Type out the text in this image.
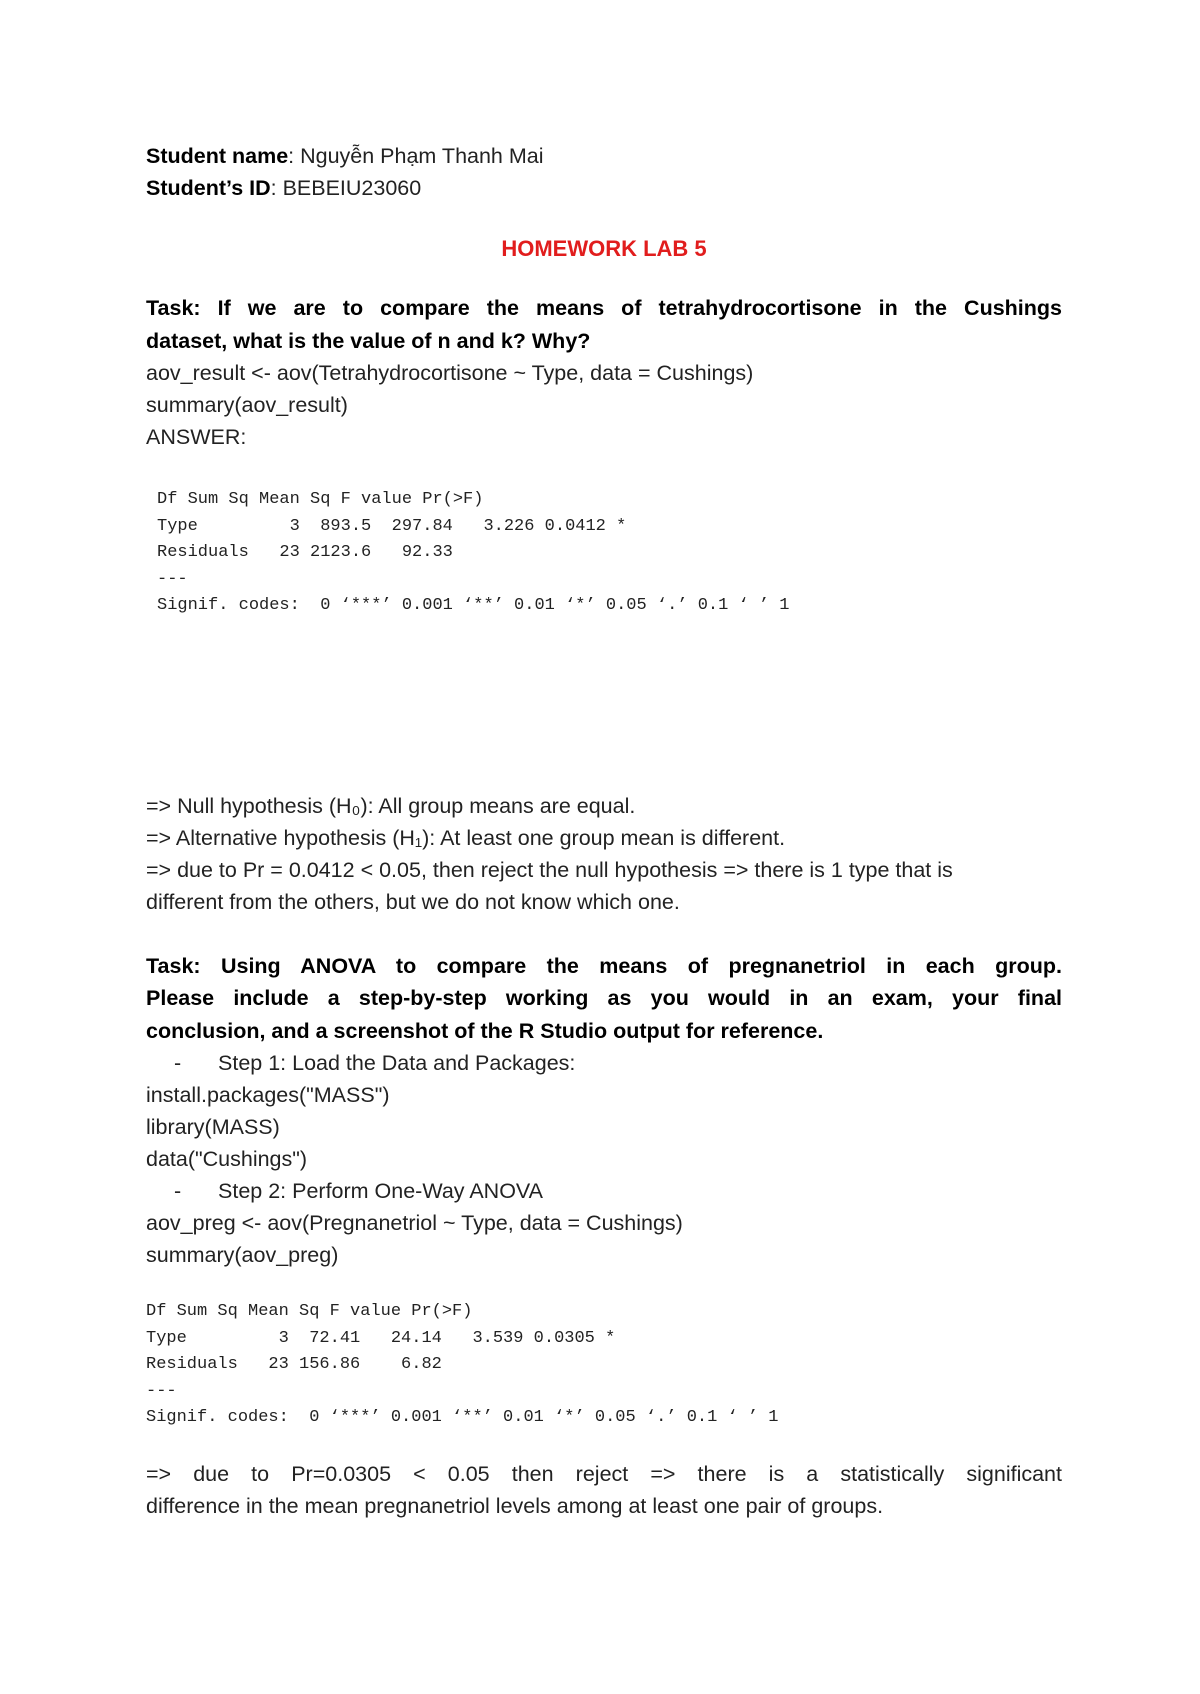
Student name: Nguyễn Phạm Thanh Mai
Student’s ID: BEBEIU23060
HOMEWORK LAB 5
Task: If we are to compare the means of tetrahydrocortisone in the Cushings
dataset, what is the value of n and k? Why?
aov_result <- aov(Tetrahydrocortisone ~ Type, data = Cushings)
summary(aov_result)
ANSWER:
Df Sum Sq Mean Sq F value Pr(>F)
Type         3  893.5  297.84   3.226 0.0412 *
Residuals   23 2123.6   92.33
---
Signif. codes:  0 ‘***’ 0.001 ‘**’ 0.01 ‘*’ 0.05 ‘.’ 0.1 ‘ ’ 1
=> Null hypothesis (H₀): All group means are equal.
=> Alternative hypothesis (H₁): At least one group mean is different.
=> due to Pr = 0.0412 < 0.05, then reject the null hypothesis => there is 1 type that is
different from the others, but we do not know which one.
Task: Using ANOVA to compare the means of pregnanetriol in each group.
Please include a step-by-step working as you would in an exam, your final
conclusion, and a screenshot of the R Studio output for reference.
- Step 1: Load the Data and Packages:
install.packages("MASS")
library(MASS)
data("Cushings")
- Step 2: Perform One-Way ANOVA
aov_preg <- aov(Pregnanetriol ~ Type, data = Cushings)
summary(aov_preg)
Df Sum Sq Mean Sq F value Pr(>F)
Type         3  72.41   24.14   3.539 0.0305 *
Residuals   23 156.86    6.82
---
Signif. codes:  0 ‘***’ 0.001 ‘**’ 0.01 ‘*’ 0.05 ‘.’ 0.1 ‘ ’ 1
=> due to Pr=0.0305 < 0.05 then reject => there is a statistically significant
difference in the mean pregnanetriol levels among at least one pair of groups.
